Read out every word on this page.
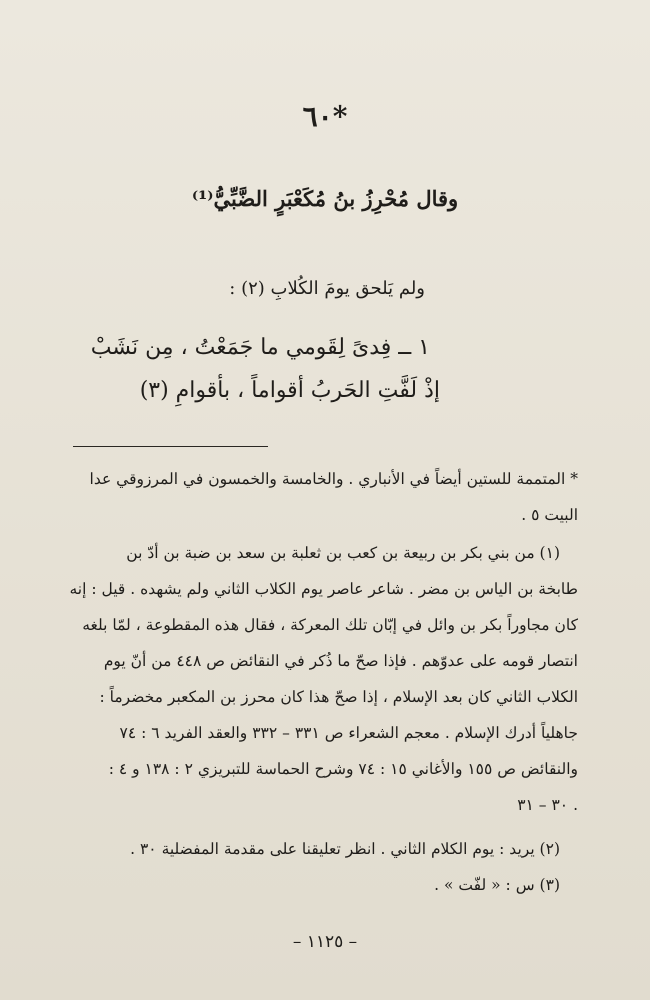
*٦٠
وقال مُحْرِزُ بنُ مُكَعْبَرٍ الضَّبِّيُّ⁽¹⁾
ولم يَلحق يومَ الكُلابِ (٢) :
١ ــ فِدىً لِقَومي ما جَمَعْتُ ، مِن نَشَبْ
إذْ لَفَّتِ الحَربُ أقواماً ، بأقوامِ (٣)
* المتممة للستين أيضاً في الأنباري . والخامسة والخمسون في المرزوقي عدا
البيت ٥ .
(١) من بني بكر بن ربيعة بن كعب بن ثعلبة بن سعد بن ضبة بن أدّ بن
طابخة بن الياس بن مضر . شاعر عاصر يوم الكلاب الثاني ولم يشهده . قيل : إنه
كان مجاوراً بكر بن وائل في إبّان تلك المعركة ، فقال هذه المقطوعة ، لمّا بلغه
انتصار قومه على عدوّهم . فإذا صحّ ما ذُكر في النقائض ص ٤٤٨ من أنّ يوم
الكلاب الثاني كان بعد الإسلام ، إذا صحّ هذا كان محرز بن المكعبر مخضرماً :
جاهلياً أدرك الإسلام . معجم الشعراء ص ٣٣١ – ٣٣٢ والعقد الفريد ٦ : ٧٤
والنقائض ص ١٥٥ والأغاني ١٥ : ٧٤ وشرح الحماسة للتبريزي ٢ : ١٣٨ و ٤ :
٣٠ – ٣١ .
(٢) يريد : يوم الكلام الثاني . انظر تعليقنا على مقدمة المفضلية ٣٠ .
(٣) س : « لفّت » .
– ١١٢٥ –
